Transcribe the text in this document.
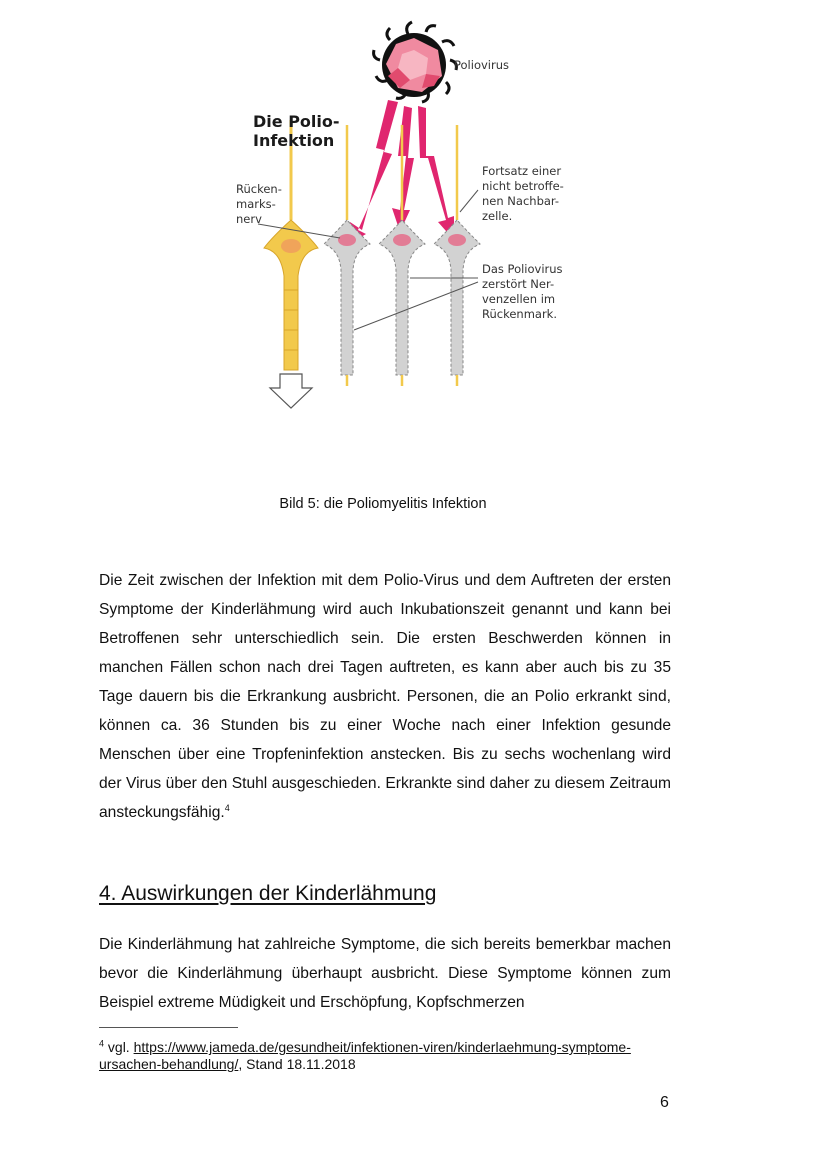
Die Polio-
Infektion
Poliovirus
Rücken-
marks-
nerv
Fortsatz einer
nicht betroffe-
nen Nachbar-
zelle.
Das Poliovirus
zerstört Ner-
venzellen im
Rückenmark.
Bild 5: die Poliomyelitis Infektion

Die Zeit zwischen der Infektion mit dem Polio-Virus und dem Auftreten der ersten Symptome der Kinderlähmung wird auch Inkubationszeit genannt und kann bei Betroffenen sehr unterschiedlich sein. Die ersten Beschwerden können in manchen Fällen schon nach drei Tagen auftreten, es kann aber auch bis zu 35 Tage dauern bis die Erkrankung ausbricht. Personen, die an Polio erkrankt sind, können ca. 36 Stunden bis zu einer Woche nach einer Infektion gesunde Menschen über eine Tropfeninfektion anstecken. Bis zu sechs wochenlang wird der Virus über den Stuhl ausgeschieden. Erkrankte sind daher zu diesem Zeitraum ansteckungsfähig.$^4$

4. Auswirkungen der Kinderlähmung

Die Kinderlähmung hat zahlreiche Symptome, die sich bereits bemerkbar machen bevor die Kinderlähmung überhaupt ausbricht. Diese Symptome können zum Beispiel extreme Müdigkeit und Erschöpfung, Kopfschmerzen

$^4$ vgl. https://www.jameda.de/gesundheit/infektionen-viren/kinderlaehmung-symptome-ursachen-behandlung/, Stand 18.11.2018
6
